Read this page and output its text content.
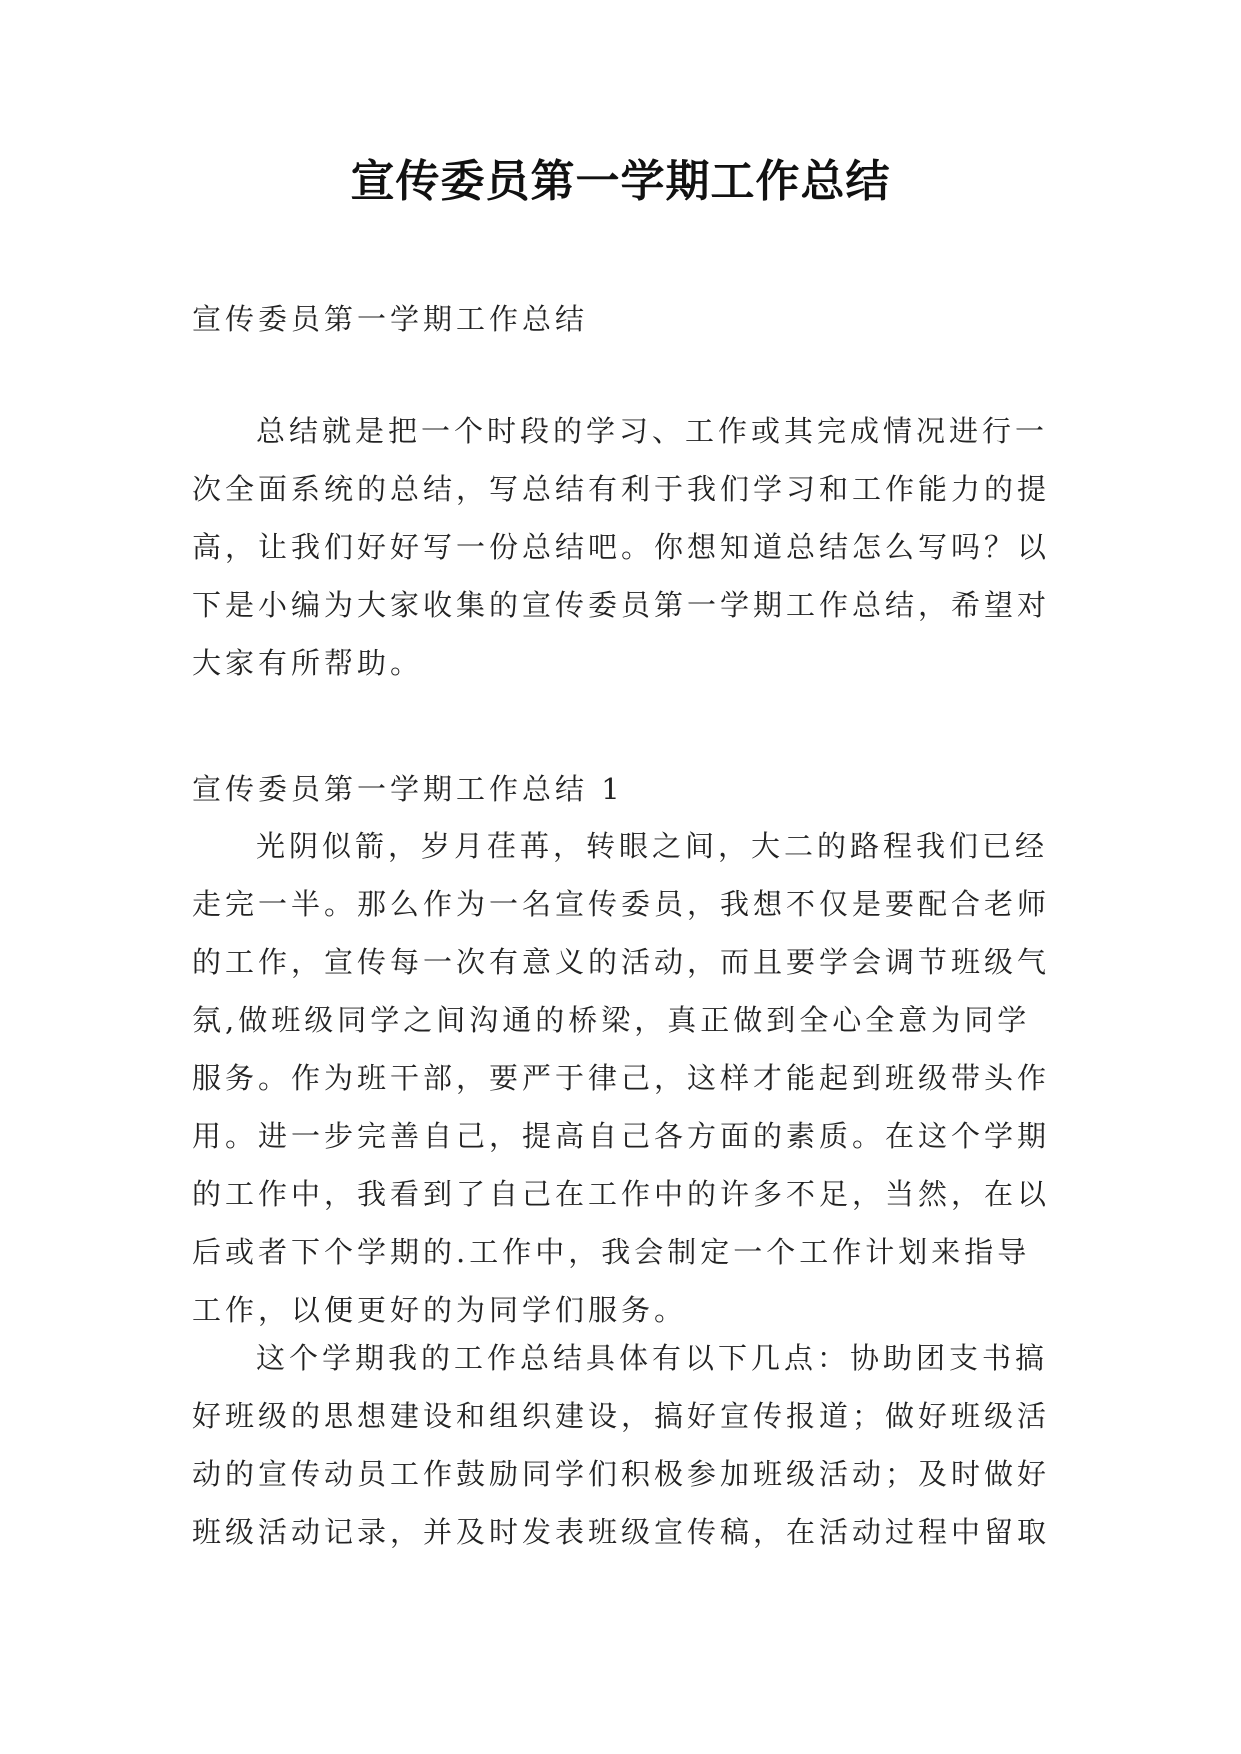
宣传委员第一学期工作总结

宣传委员第一学期工作总结

总结就是把一个时段的学习、工作或其完成情况进行一次全面系统的总结，写总结有利于我们学习和工作能力的提高，让我们好好写一份总结吧。你想知道总结怎么写吗？以下是小编为大家收集的宣传委员第一学期工作总结，希望对大家有所帮助。

宣传委员第一学期工作总结 1

光阴似箭，岁月荏苒，转眼之间，大二的路程我们已经走完一半。那么作为一名宣传委员，我想不仅是要配合老师的工作，宣传每一次有意义的活动，而且要学会调节班级气氛,做班级同学之间沟通的桥梁，真正做到全心全意为同学服务。作为班干部，要严于律己，这样才能起到班级带头作用。进一步完善自己，提高自己各方面的素质。在这个学期的工作中，我看到了自己在工作中的许多不足，当然，在以后或者下个学期的.工作中，我会制定一个工作计划来指导工作，以便更好的为同学们服务。

这个学期我的工作总结具体有以下几点：协助团支书搞好班级的思想建设和组织建设，搞好宣传报道；做好班级活动的宣传动员工作鼓励同学们积极参加班级活动；及时做好班级活动记录，并及时发表班级宣传稿，在活动过程中留取
